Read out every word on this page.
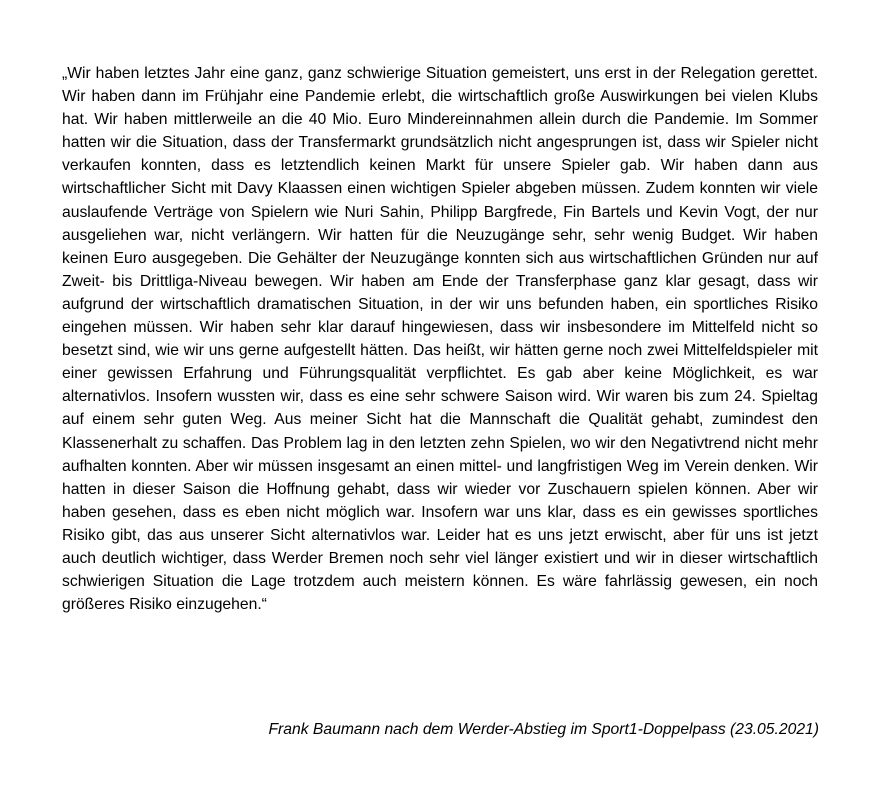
„Wir haben letztes Jahr eine ganz, ganz schwierige Situation gemeistert, uns erst in der Relegation gerettet. Wir haben dann im Frühjahr eine Pandemie erlebt, die wirtschaftlich große Auswirkungen bei vielen Klubs hat. Wir haben mittlerweile an die 40 Mio. Euro Mindereinnahmen allein durch die Pandemie. Im Sommer hatten wir die Situation, dass der Transfermarkt grundsätzlich nicht angesprungen ist, dass wir Spieler nicht verkaufen konnten, dass es letztendlich keinen Markt für unsere Spieler gab. Wir haben dann aus wirtschaftlicher Sicht mit Davy Klaassen einen wichtigen Spieler abgeben müssen. Zudem konnten wir viele auslaufende Verträge von Spielern wie Nuri Sahin, Philipp Bargfrede, Fin Bartels und Kevin Vogt, der nur ausgeliehen war, nicht verlängern. Wir hatten für die Neuzugänge sehr, sehr wenig Budget. Wir haben keinen Euro ausgegeben. Die Gehälter der Neuzugänge konnten sich aus wirtschaftlichen Gründen nur auf Zweit- bis Drittliga-Niveau bewegen. Wir haben am Ende der Transferphase ganz klar gesagt, dass wir aufgrund der wirtschaftlich dramatischen Situation, in der wir uns befunden haben, ein sportliches Risiko eingehen müssen. Wir haben sehr klar darauf hingewiesen, dass wir insbesondere im Mittelfeld nicht so besetzt sind, wie wir uns gerne aufgestellt hätten. Das heißt, wir hätten gerne noch zwei Mittelfeldspieler mit einer gewissen Erfahrung und Führungsqualität verpflichtet. Es gab aber keine Möglichkeit, es war alternativlos. Insofern wussten wir, dass es eine sehr schwere Saison wird. Wir waren bis zum 24. Spieltag auf einem sehr guten Weg. Aus meiner Sicht hat die Mannschaft die Qualität gehabt, zumindest den Klassenerhalt zu schaffen. Das Problem lag in den letzten zehn Spielen, wo wir den Negativtrend nicht mehr aufhalten konnten. Aber wir müssen insgesamt an einen mittel- und langfristigen Weg im Verein denken. Wir hatten in dieser Saison die Hoffnung gehabt, dass wir wieder vor Zuschauern spielen können. Aber wir haben gesehen, dass es eben nicht möglich war. Insofern war uns klar, dass es ein gewisses sportliches Risiko gibt, das aus unserer Sicht alternativlos war. Leider hat es uns jetzt erwischt, aber für uns ist jetzt auch deutlich wichtiger, dass Werder Bremen noch sehr viel länger existiert und wir in dieser wirtschaftlich schwierigen Situation die Lage trotzdem auch meistern können. Es wäre fahrlässig gewesen, ein noch größeres Risiko einzugehen.“

Frank Baumann nach dem Werder-Abstieg im Sport1-Doppelpass (23.05.2021)
